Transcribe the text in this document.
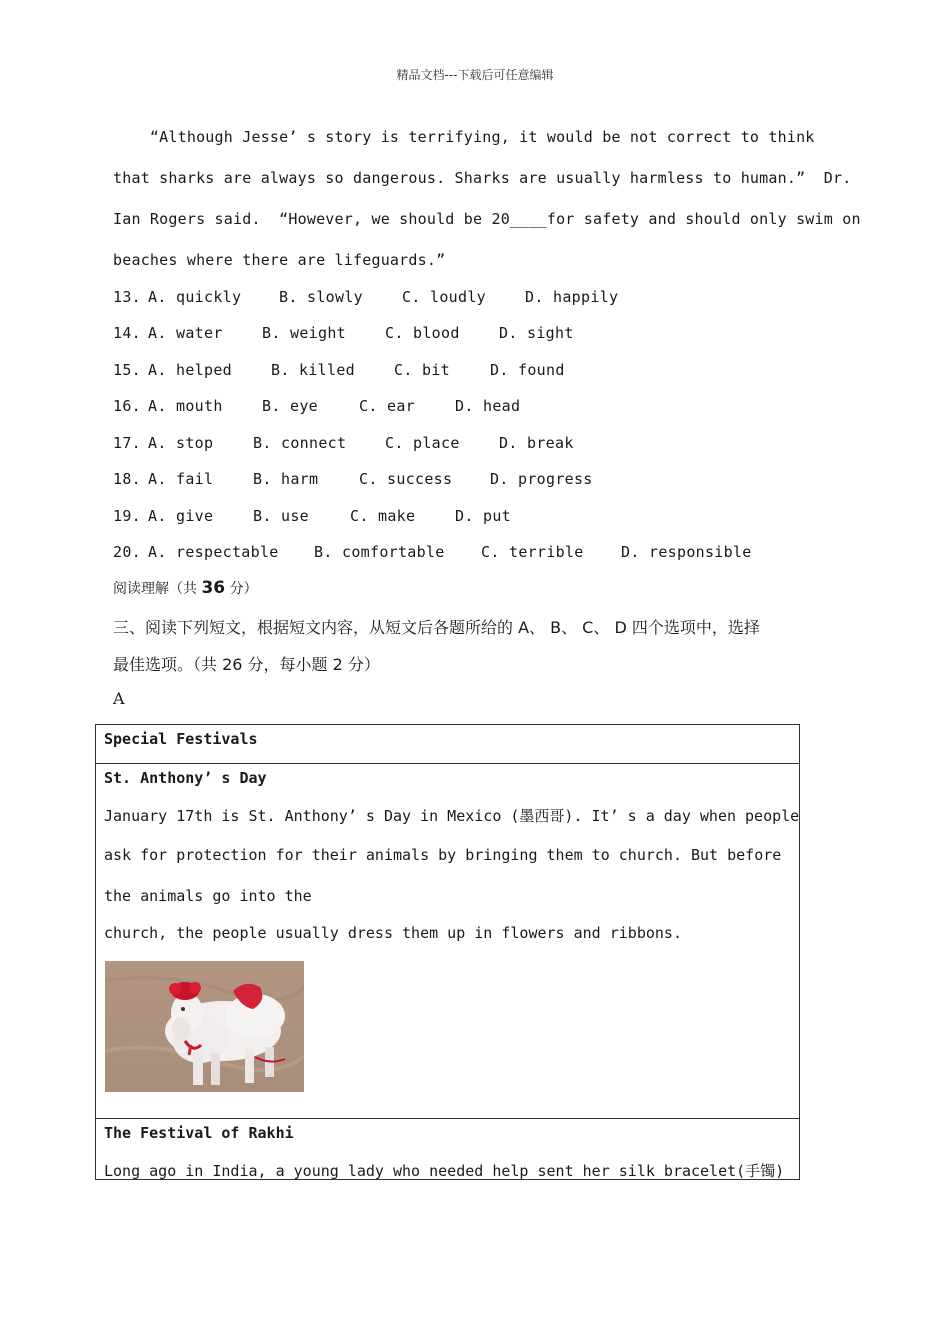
精品文档---下载后可任意编辑
“Although Jesse’ s story is terrifying, it would be not correct to think
that sharks are always so dangerous. Sharks are usually harmless to human.”  Dr.
Ian Rogers said.  “However, we should be 20____for safety and should only swim on
beaches where there are lifeguards.”

13.

A. quickly

	B. slowly

	C. loudly

	D. happily

14.

A. water

	B. weight

	C. blood

	D. sight

15.

A. helped

	B. killed

	C. bit

	D. found

16.

A. mouth

	B. eye

	C. ear

	D. head

17.

A. stop

	B. connect

	C. place

	D. break

18.

A. fail

	B. harm

	C. success

	D. progress

19.

A. give

	B. use

	C. make

	D. put

20.

A. respectable

B. comfortable

C. terrible

D. responsible

阅读理解（共 36 分）
三、阅读下列短文，根据短文内容，从短文后各题所给的 A、 B、 C、 D 四个选项中，选择
最佳选项。（共 26 分，每小题 2 分）
A
Special Festivals
St. Anthony’ s Day
January 17th is St. Anthony’ s Day in Mexico (墨西哥). It’ s a day when people
ask for protection for their animals by bringing them to church. But before
the animals go into the
church, the people usually dress them up in flowers and ribbons.
The Festival of Rakhi
Long ago in India, a young lady who needed help sent her silk bracelet(手镯)
